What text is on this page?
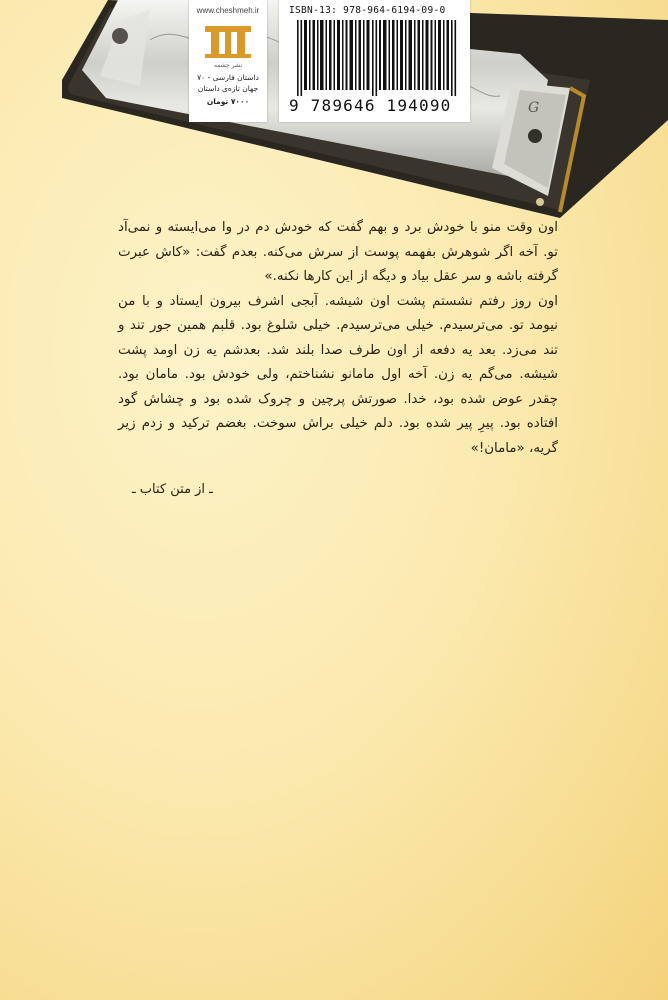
G
www.cheshmeh.ir
نشر چشمه
داستان فارسی - ۷۰
جهان تازه‌ی داستان
۷۰۰۰ تومان
ISBN-13: 978-964-6194-09-0
9 789646 194090

اون وقت منو با خودش برد و بهم گفت که خودش دم در وا می‌ایسته و نمی‌آد تو. آخه اگر شوهرش بفهمه پوست از سرش می‌کنه. بعدم گفت: «کاش عبرت گرفته باشه و سر عقل بیاد و دیگه از این کارها نکنه.»

اون روز رفتم نشستم پشت اون شیشه. آبجی اشرف بیرون ایستاد و با من نیومد تو. می‌ترسیدم. خیلی می‌ترسیدم. خیلی شلوغ بود. قلبم همین جور تند و تند می‌زد. بعد یه دفعه از اون طرف صدا بلند شد. بعدشم یه زن اومد پشت شیشه. می‌گم یه زن. آخه اول مامانو نشناختم، ولی خودش بود. مامان بود. چقدر عوض شده بود، خدا. صورتش پرچین و چروک شده بود و چشاش گود افتاده بود. پیرِ پیر شده بود. دلم خیلی براش سوخت. بغضم ترکید و زدم زیر گریه، «مامان!»

ـ از متن کتاب ـ
